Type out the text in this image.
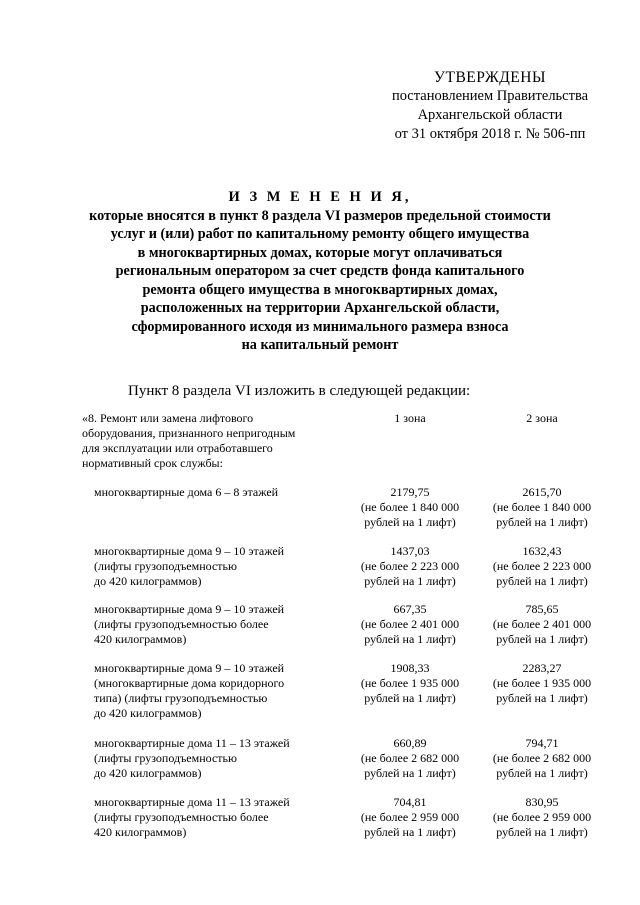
УТВЕРЖДЕНЫ
постановлением Правительства
Архангельской области
от 31 октября 2018 г. № 506-пп
И З М Е Н Е Н И Я,
которые вносятся в пункт 8 раздела VI размеров предельной стоимости
услуг и (или) работ по капитальному ремонту общего имущества
в многоквартирных домах, которые могут оплачиваться
региональным оператором за счет средств фонда капитального
ремонта общего имущества в многоквартирных домах,
расположенных на территории Архангельской области,
сформированного исходя из минимального размера взноса
на капитальный ремонт
Пункт 8 раздела VI изложить в следующей редакции:
«8. Ремонт или замена лифтового
оборудования, признанного непригодным
для эксплуатации или отработавшего
нормативный срок службы:
1 зона	2 зона
многоквартирные дома 6 – 8 этажей	2179,75
(не более 1 840 000
рублей на 1 лифт)
2615,70
(не более 1 840 000
рублей на 1 лифт)
многоквартирные дома 9 – 10 этажей
(лифты грузоподъемностью
до 420 килограммов)
1437,03
(не более 2 223 000
рублей на 1 лифт)
1632,43
(не более 2 223 000
рублей на 1 лифт)
многоквартирные дома 9 – 10 этажей
(лифты грузоподъемностью более
420 килограммов)
667,35
(не более 2 401 000
рублей на 1 лифт)
785,65
(не более 2 401 000
рублей на 1 лифт)
многоквартирные дома 9 – 10 этажей
(многоквартирные дома коридорного
типа) (лифты грузоподъемностью
до 420 килограммов)
1908,33
(не более 1 935 000
рублей на 1 лифт)
2283,27
(не более 1 935 000
рублей на 1 лифт)
многоквартирные дома 11 – 13 этажей
(лифты грузоподъемностью
до 420 килограммов)
660,89
(не более 2 682 000
рублей на 1 лифт)
794,71
(не более 2 682 000
рублей на 1 лифт)
многоквартирные дома 11 – 13 этажей
(лифты грузоподъемностью более
420 килограммов)
704,81
(не более 2 959 000
рублей на 1 лифт)
830,95
(не более 2 959 000
рублей на 1 лифт)
